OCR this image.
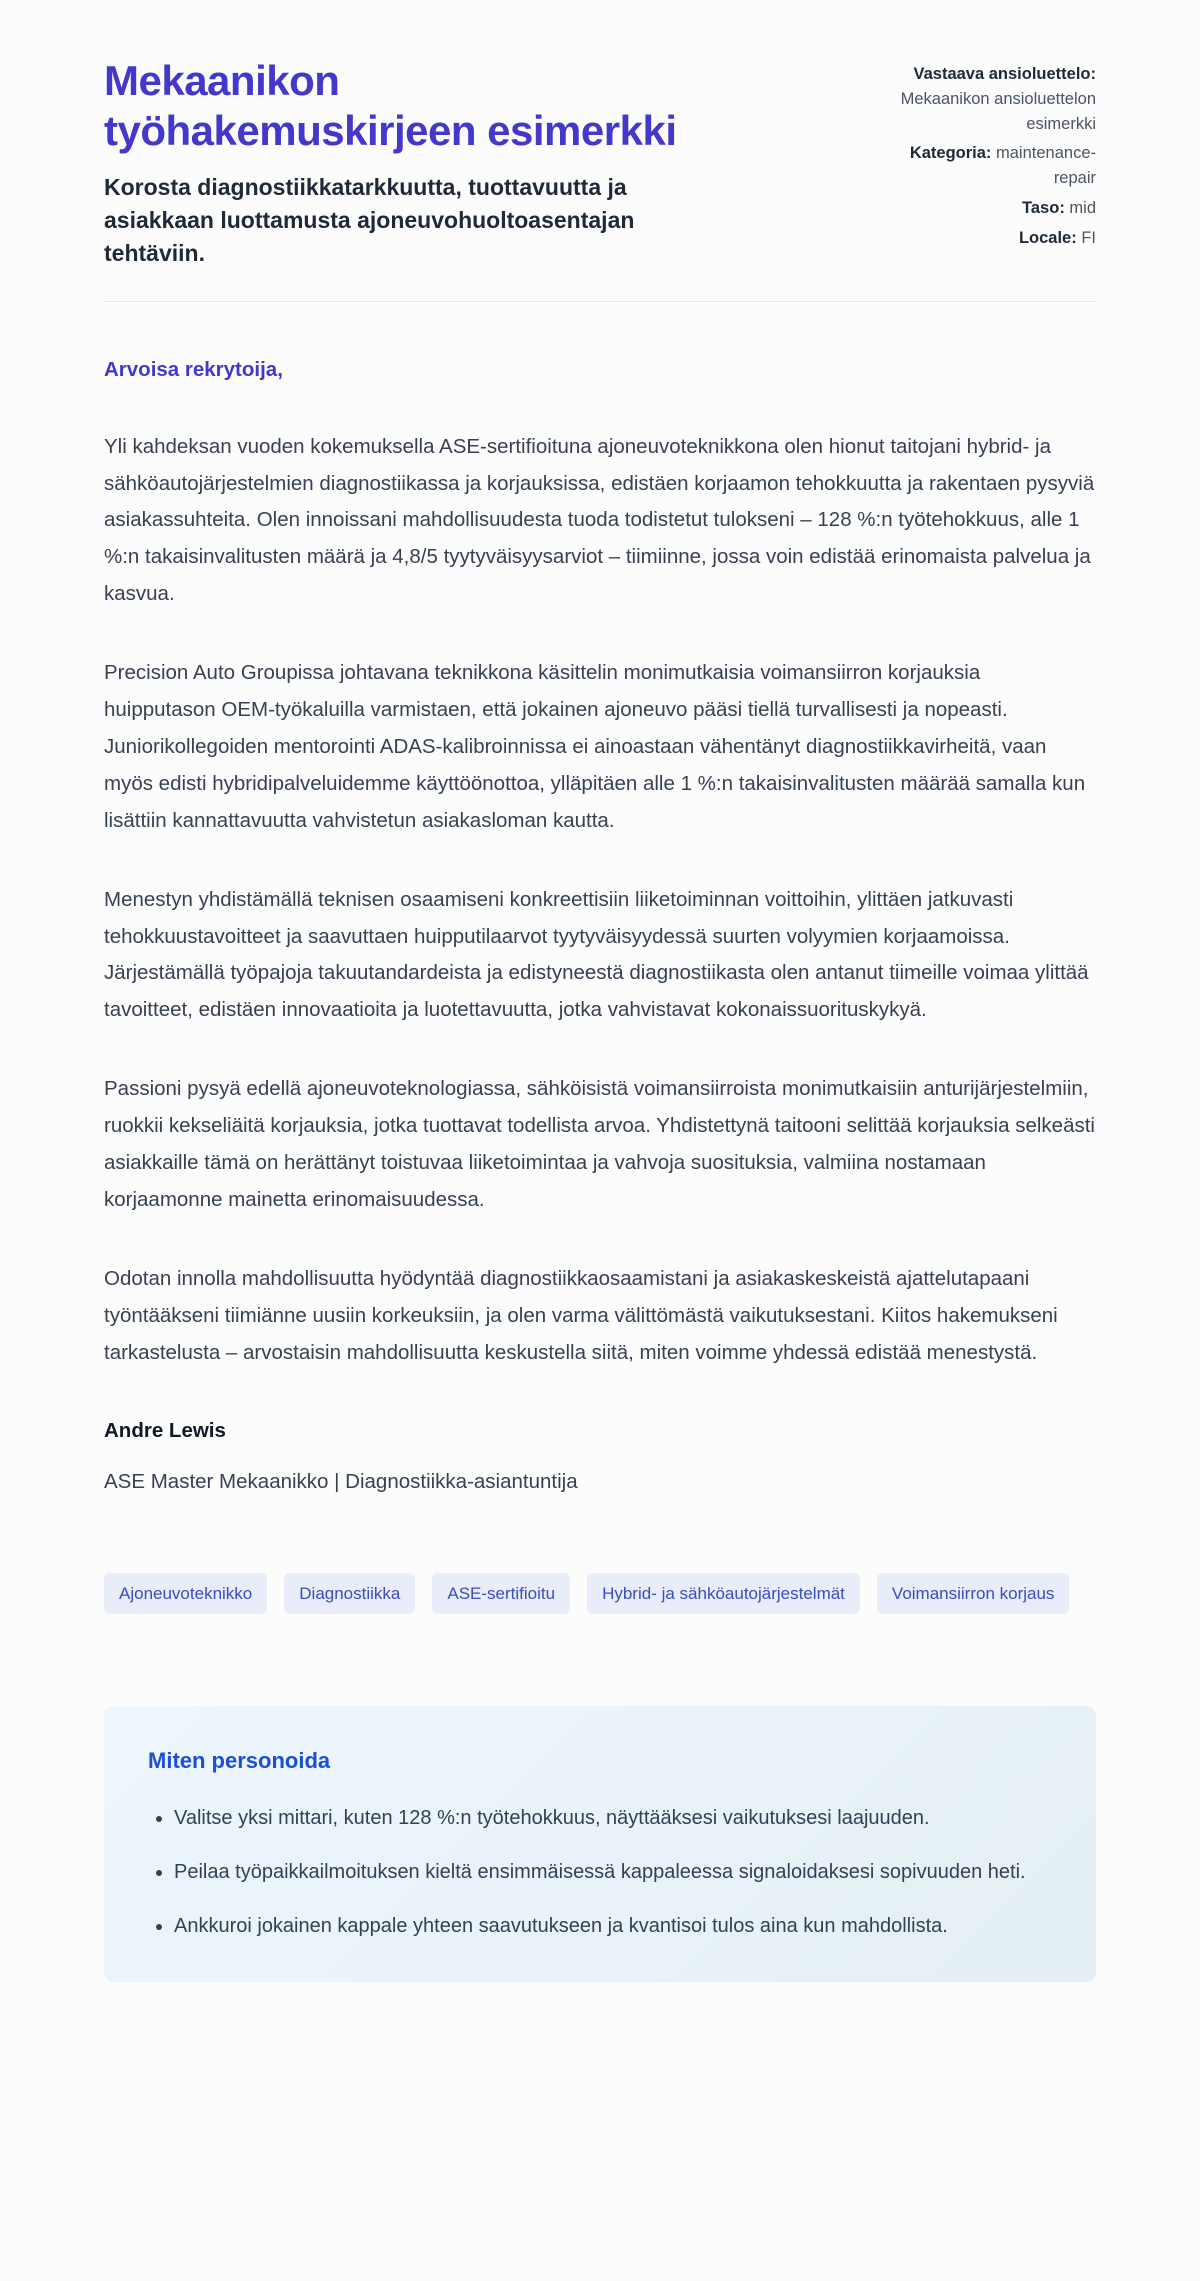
Mekaanikon työhakemuskirjeen esimerkki

Korosta diagnostiikkatarkkuutta, tuottavuutta ja asiakkaan luottamusta ajoneuvohuoltoasentajan tehtäviin.

Vastaava ansioluettelo: Mekaanikon ansioluettelon esimerkki
Kategoria: maintenance-repair
Taso: mid
Locale: FI

Arvoisa rekrytoija,

Yli kahdeksan vuoden kokemuksella ASE-sertifioituna ajoneuvoteknikkona olen hionut taitojani hybrid- ja sähköautojärjestelmien diagnostiikassa ja korjauksissa, edistäen korjaamon tehokkuutta ja rakentaen pysyviä asiakassuhteita. Olen innoissani mahdollisuudesta tuoda todistetut tulokseni – 128 %:n työtehokkuus, alle 1 %:n takaisinvalitusten määrä ja 4,8/5 tyytyväisyysarviot – tiimiinne, jossa voin edistää erinomaista palvelua ja kasvua.

Precision Auto Groupissa johtavana teknikkona käsittelin monimutkaisia voimansiirron korjauksia huipputason OEM-työkaluilla varmistaen, että jokainen ajoneuvo pääsi tiellä turvallisesti ja nopeasti. Juniorikollegoiden mentorointi ADAS-kalibroinnissa ei ainoastaan vähentänyt diagnostiikkavirheitä, vaan myös edisti hybridipalveluidemme käyttöönottoa, ylläpitäen alle 1 %:n takaisinvalitusten määrää samalla kun lisättiin kannattavuutta vahvistetun asiakasloman kautta.

Menestyn yhdistämällä teknisen osaamiseni konkreettisiin liiketoiminnan voittoihin, ylittäen jatkuvasti tehokkuustavoitteet ja saavuttaen huipputilaarvot tyytyväisyydessä suurten volyymien korjaamoissa. Järjestämällä työpajoja takuutandardeista ja edistyneestä diagnostiikasta olen antanut tiimeille voimaa ylittää tavoitteet, edistäen innovaatioita ja luotettavuutta, jotka vahvistavat kokonaissuorituskykyä.

Passioni pysyä edellä ajoneuvoteknologiassa, sähköisistä voimansiirroista monimutkaisiin anturijärjestelmiin, ruokkii kekseliäitä korjauksia, jotka tuottavat todellista arvoa. Yhdistettynä taitooni selittää korjauksia selkeästi asiakkaille tämä on herättänyt toistuvaa liiketoimintaa ja vahvoja suosituksia, valmiina nostamaan korjaamonne mainetta erinomaisuudessa.

Odotan innolla mahdollisuutta hyödyntää diagnostiikkaosaamistani ja asiakaskeskeistä ajattelutapaani työntääkseni tiimiänne uusiin korkeuksiin, ja olen varma välittömästä vaikutuksestani. Kiitos hakemukseni tarkastelusta – arvostaisin mahdollisuutta keskustella siitä, miten voimme yhdessä edistää menestystä.

Andre Lewis

ASE Master Mekaanikko | Diagnostiikka-asiantuntija

Ajoneuvoteknikko	Diagnostiikka	ASE-sertifioitu	Hybrid- ja sähköautojärjestelmät	Voimansiirron korjaus
Miten personoida
• Valitse yksi mittari, kuten 128 %:n työtehokkuus, näyttääksesi vaikutuksesi laajuuden.
• Peilaa työpaikkailmoituksen kieltä ensimmäisessä kappaleessa signaloidaksesi sopivuuden heti.
• Ankkuroi jokainen kappale yhteen saavutukseen ja kvantisoi tulos aina kun mahdollista.
